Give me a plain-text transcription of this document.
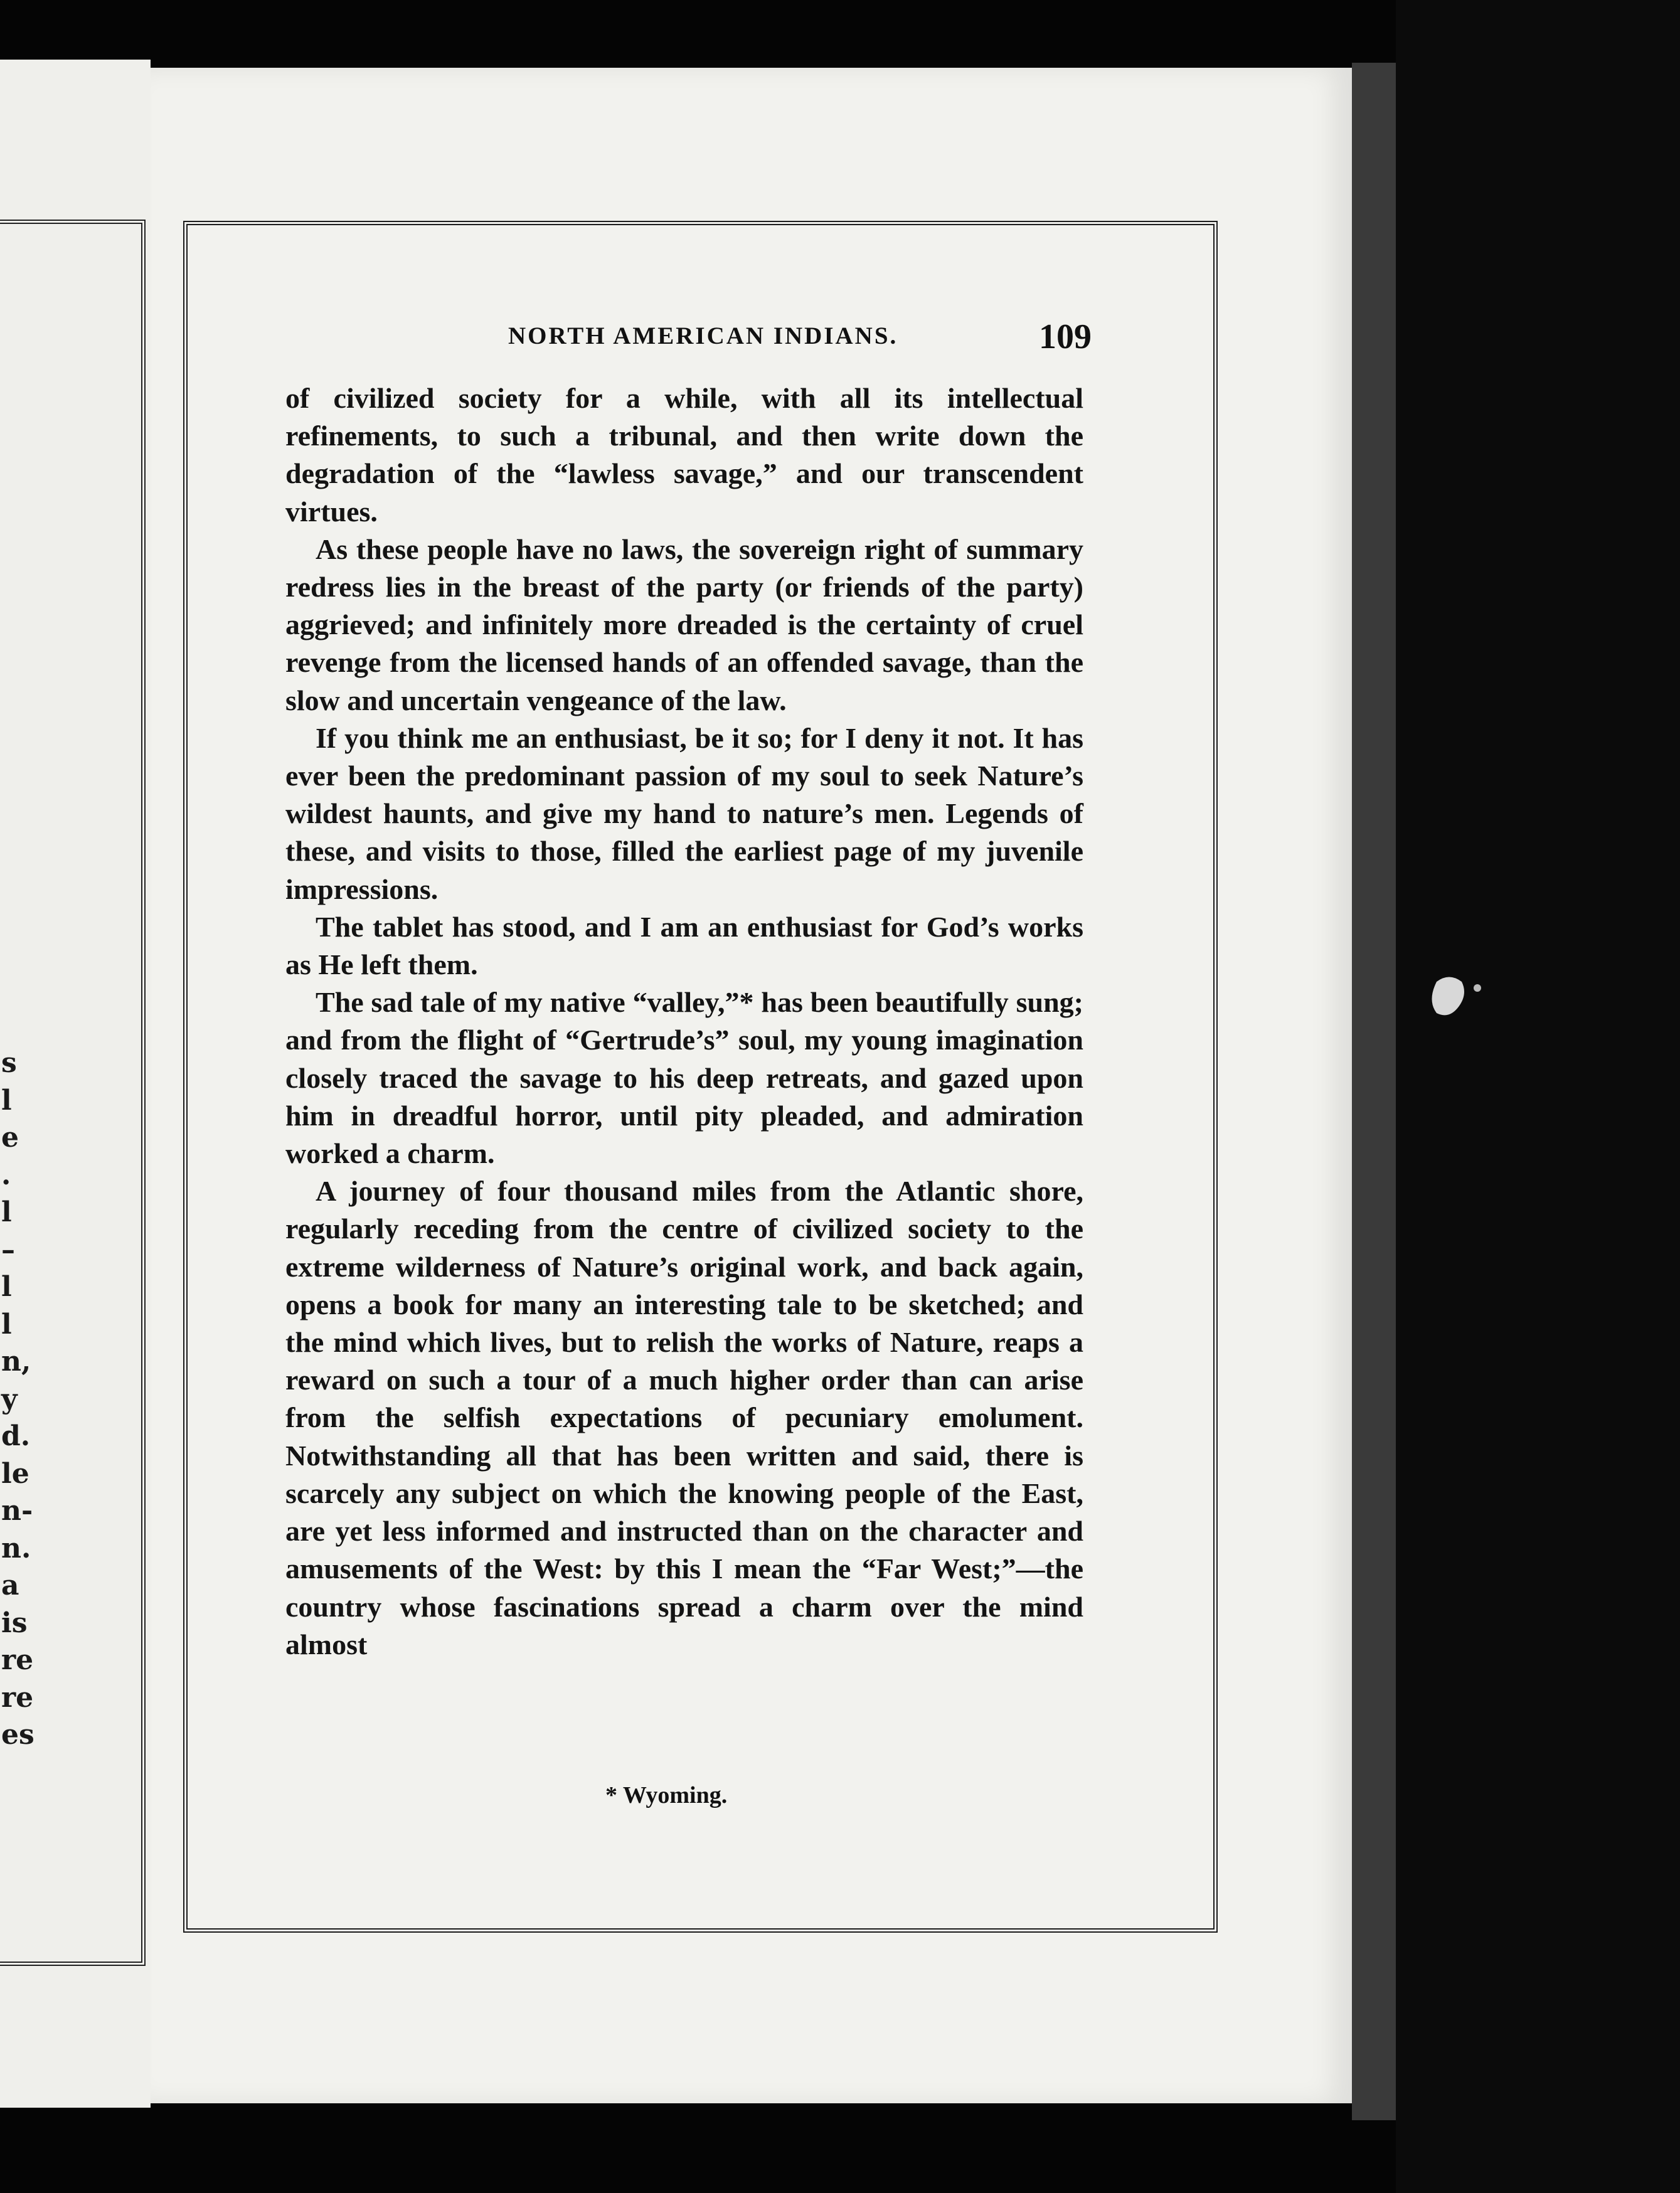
s
l
e
.
l
–
l
l
n,
y
d.
le
n-
n.
a
is
re
re
es
NORTH AMERICAN INDIANS.	109

of civilized society for a while, with all its intellectual refinements, to such a tribunal, and then write down the degradation of the “lawless savage,” and our transcendent virtues.

As these people have no laws, the sovereign right of summary redress lies in the breast of the party (or friends of the party) aggrieved; and infinitely more dreaded is the certainty of cruel revenge from the licensed hands of an offended savage, than the slow and uncertain vengeance of the law.

If you think me an enthusiast, be it so; for I deny it not. It has ever been the predominant passion of my soul to seek Nature’s wildest haunts, and give my hand to nature’s men. Legends of these, and visits to those, filled the earliest page of my juvenile impressions.

The tablet has stood, and I am an enthusiast for God’s works as He left them.

The sad tale of my native “valley,”* has been beautifully sung; and from the flight of “Gertrude’s” soul, my young imagination closely traced the savage to his deep retreats, and gazed upon him in dreadful horror, until pity pleaded, and admiration worked a charm.

A journey of four thousand miles from the Atlantic shore, regularly receding from the centre of civilized society to the extreme wilderness of Nature’s original work, and back again, opens a book for many an interesting tale to be sketched; and the mind which lives, but to relish the works of Nature, reaps a reward on such a tour of a much higher order than can arise from the selfish expectations of pecuniary emolument. Notwithstanding all that has been written and said, there is scarcely any subject on which the knowing people of the East, are yet less informed and instructed than on the character and amusements of the West: by this I mean the “Far West;”—the country whose fascinations spread a charm over the mind almost

* Wyoming.
